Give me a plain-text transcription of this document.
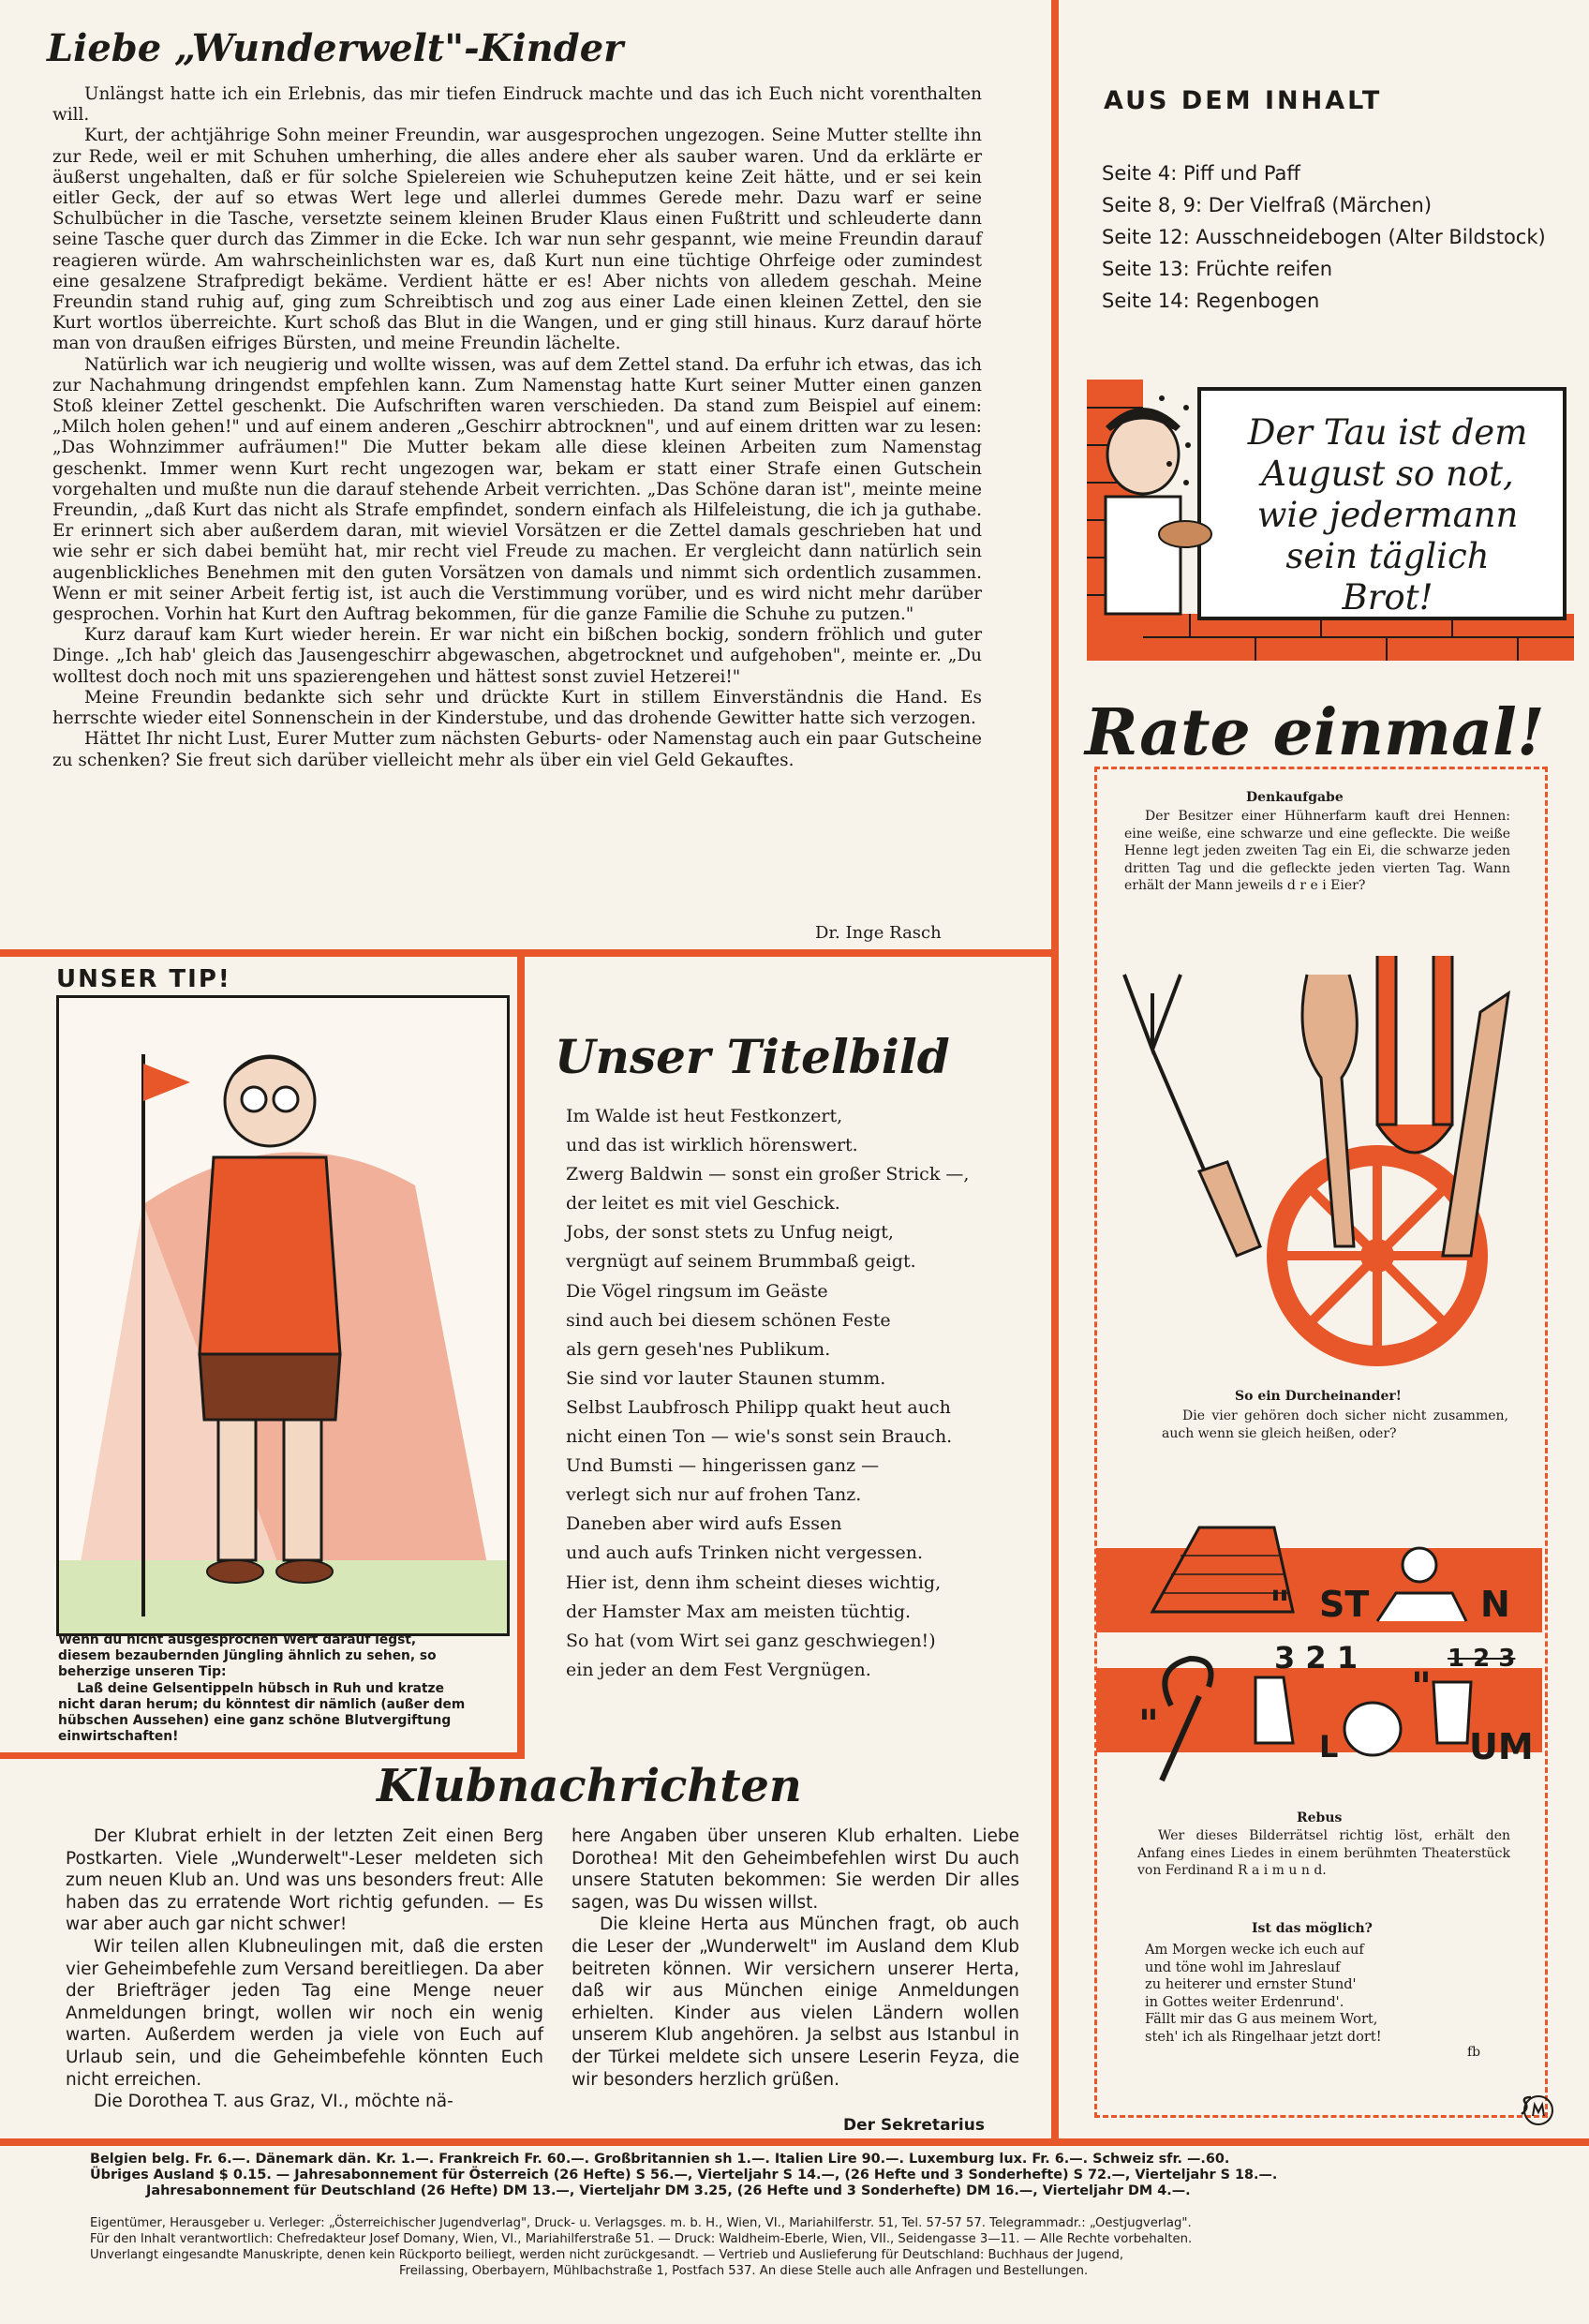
Liebe „Wunderwelt"-Kinder

Unlängst hatte ich ein Erlebnis, das mir tiefen Eindruck machte und das ich Euch nicht vorenthalten will.

Kurt, der achtjährige Sohn meiner Freundin, war ausgesprochen ungezogen. Seine Mutter stellte ihn zur Rede, weil er mit Schuhen umherhing, die alles andere eher als sauber waren. Und da erklärte er äußerst ungehalten, daß er für solche Spielereien wie Schuheputzen keine Zeit hätte, und er sei kein eitler Geck, der auf so etwas Wert lege und allerlei dummes Gerede mehr. Dazu warf er seine Schulbücher in die Tasche, versetzte seinem kleinen Bruder Klaus einen Fußtritt und schleuderte dann seine Tasche quer durch das Zimmer in die Ecke. Ich war nun sehr gespannt, wie meine Freundin darauf reagieren würde. Am wahrscheinlichsten war es, daß Kurt nun eine tüchtige Ohrfeige oder zumindest eine gesalzene Strafpredigt bekäme. Verdient hätte er es! Aber nichts von alledem geschah. Meine Freundin stand ruhig auf, ging zum Schreibtisch und zog aus einer Lade einen kleinen Zettel, den sie Kurt wortlos überreichte. Kurt schoß das Blut in die Wangen, und er ging still hinaus. Kurz darauf hörte man von draußen eifriges Bürsten, und meine Freundin lächelte.

Natürlich war ich neugierig und wollte wissen, was auf dem Zettel stand. Da erfuhr ich etwas, das ich zur Nachahmung dringendst empfehlen kann. Zum Namenstag hatte Kurt seiner Mutter einen ganzen Stoß kleiner Zettel geschenkt. Die Aufschriften waren verschieden. Da stand zum Beispiel auf einem: „Milch holen gehen!" und auf einem anderen „Geschirr abtrocknen", und auf einem dritten war zu lesen: „Das Wohnzimmer aufräumen!" Die Mutter bekam alle diese kleinen Arbeiten zum Namenstag geschenkt. Immer wenn Kurt recht ungezogen war, bekam er statt einer Strafe einen Gutschein vorgehalten und mußte nun die darauf stehende Arbeit verrichten. „Das Schöne daran ist", meinte meine Freundin, „daß Kurt das nicht als Strafe empfindet, sondern einfach als Hilfeleistung, die ich ja guthabe. Er erinnert sich aber außerdem daran, mit wieviel Vorsätzen er die Zettel damals geschrieben hat und wie sehr er sich dabei bemüht hat, mir recht viel Freude zu machen. Er vergleicht dann natürlich sein augenblickliches Benehmen mit den guten Vorsätzen von damals und nimmt sich ordentlich zusammen. Wenn er mit seiner Arbeit fertig ist, ist auch die Verstimmung vorüber, und es wird nicht mehr darüber gesprochen. Vorhin hat Kurt den Auftrag bekommen, für die ganze Familie die Schuhe zu putzen."

Kurz darauf kam Kurt wieder herein. Er war nicht ein bißchen bockig, sondern fröhlich und guter Dinge. „Ich hab' gleich das Jausengeschirr abgewaschen, abgetrocknet und aufgehoben", meinte er. „Du wolltest doch noch mit uns spazierengehen und hättest sonst zuviel Hetzerei!"

Meine Freundin bedankte sich sehr und drückte Kurt in stillem Einverständnis die Hand. Es herrschte wieder eitel Sonnenschein in der Kinderstube, und das drohende Gewitter hatte sich verzogen.

Hättet Ihr nicht Lust, Eurer Mutter zum nächsten Geburts- oder Namenstag auch ein paar Gutscheine zu schenken? Sie freut sich darüber vielleicht mehr als über ein viel Geld Gekauftes.

Dr. Inge Rasch
AUS DEM INHALT
Seite 4: Piff und Paff
Seite 8, 9: Der Vielfraß (Märchen)
Seite 12: Ausschneidebogen (Alter Bildstock)
Seite 13: Früchte reifen
Seite 14: Regenbogen
Der Tau ist dem
August so not,
wie jedermann
sein täglich
Brot!
Rate einmal!
Denkaufgabe

Der Besitzer einer Hühnerfarm kauft drei Hennen: eine weiße, eine schwarze und eine gefleckte. Die weiße Henne legt jeden zweiten Tag ein Ei, die schwarze jeden dritten Tag und die gefleckte jeden vierten Tag. Wann erhält der Mann jeweils d r e i Eier?

So ein Durcheinander!

Die vier gehören doch sicher nicht zusammen, auch wenn sie gleich heißen, oder?

" ST	N
3 2 1
"	L
"
1 2 3
UM
Rebus

Wer dieses Bilderrätsel richtig löst, erhält den Anfang eines Liedes in einem berühmten Theaterstück von Ferdinand R a i m u n d.

Ist das möglich?
Am Morgen wecke ich euch auf
und töne wohl im Jahreslauf
zu heiterer und ernster Stund'
in Gottes weiter Erdenrund'.
Fällt mir das G aus meinem Wort,
steh' ich als Ringelhaar jetzt dort!
fb
UNSER TIP!
Wenn du nicht ausgesprochen Wert darauf legst,
diesem bezaubernden Jüngling ähnlich zu sehen, so
beherzige unseren Tip:
Laß deine Gelsentippeln hübsch in Ruh und kratze
nicht daran herum; du könntest dir nämlich (außer dem
hübschen Aussehen) eine ganz schöne Blutvergiftung
einwirtschaften!
Unser Titelbild
Im Walde ist heut Festkonzert,
und das ist wirklich hörenswert.
Zwerg Baldwin — sonst ein großer Strick —,
der leitet es mit viel Geschick.
Jobs, der sonst stets zu Unfug neigt,
vergnügt auf seinem Brummbaß geigt.
Die Vögel ringsum im Geäste
sind auch bei diesem schönen Feste
als gern geseh'nes Publikum.
Sie sind vor lauter Staunen stumm.
Selbst Laubfrosch Philipp quakt heut auch
nicht einen Ton — wie's sonst sein Brauch.
Und Bumsti — hingerissen ganz —
verlegt sich nur auf frohen Tanz.
Daneben aber wird aufs Essen
und auch aufs Trinken nicht vergessen.
Hier ist, denn ihm scheint dieses wichtig,
der Hamster Max am meisten tüchtig.
So hat (vom Wirt sei ganz geschwiegen!)
ein jeder an dem Fest Vergnügen.
Klubnachrichten

Der Klubrat erhielt in der letzten Zeit einen Berg Postkarten. Viele „Wunderwelt"-Leser meldeten sich zum neuen Klub an. Und was uns besonders freut: Alle haben das zu erratende Wort richtig gefunden. — Es war aber auch gar nicht schwer!

Wir teilen allen Klubneulingen mit, daß die ersten vier Geheimbefehle zum Versand bereitliegen. Da aber der Briefträger jeden Tag eine Menge neuer Anmeldungen bringt, wollen wir noch ein wenig warten. Außerdem werden ja viele von Euch auf Urlaub sein, und die Geheimbefehle könnten Euch nicht erreichen.

Die Dorothea T. aus Graz, VI., möchte nä-

here Angaben über unseren Klub erhalten. Liebe Dorothea! Mit den Geheimbefehlen wirst Du auch unsere Statuten bekommen: Sie werden Dir alles sagen, was Du wissen willst.

Die kleine Herta aus München fragt, ob auch die Leser der „Wunderwelt" im Ausland dem Klub beitreten können. Wir versichern unserer Herta, daß wir aus München einige Anmeldungen erhielten. Kinder aus vielen Ländern wollen unserem Klub angehören. Ja selbst aus Istanbul in der Türkei meldete sich unsere Leserin Feyza, die wir besonders herzlich grüßen.

Der Sekretarius
Belgien belg. Fr. 6.—. Dänemark dän. Kr. 1.—. Frankreich Fr. 60.—. Großbritannien sh 1.—. Italien Lire 90.—. Luxemburg lux. Fr. 6.—. Schweiz sfr. —.60.
Übriges Ausland $ 0.15. — Jahresabonnement für Österreich (26 Hefte) S 56.—, Vierteljahr S 14.—, (26 Hefte und 3 Sonderhefte) S 72.—, Vierteljahr S 18.—.
Jahresabonnement für Deutschland (26 Hefte) DM 13.—, Vierteljahr DM 3.25, (26 Hefte und 3 Sonderhefte) DM 16.—, Vierteljahr DM 4.—.
Eigentümer, Herausgeber u. Verleger: „Österreichischer Jugendverlag", Druck- u. Verlagsges. m. b. H., Wien, VI., Mariahilferstr. 51, Tel. 57-57 57. Telegrammadr.: „Oestjugverlag".
Für den Inhalt verantwortlich: Chefredakteur Josef Domany, Wien, VI., Mariahilferstraße 51. — Druck: Waldheim-Eberle, Wien, VII., Seidengasse 3—11. — Alle Rechte vorbehalten.
Unverlangt eingesandte Manuskripte, denen kein Rückporto beiliegt, werden nicht zurückgesandt. — Vertrieb und Auslieferung für Deutschland: Buchhaus der Jugend,
Freilassing, Oberbayern, Mühlbachstraße 1, Postfach 537. An diese Stelle auch alle Anfragen und Bestellungen.
